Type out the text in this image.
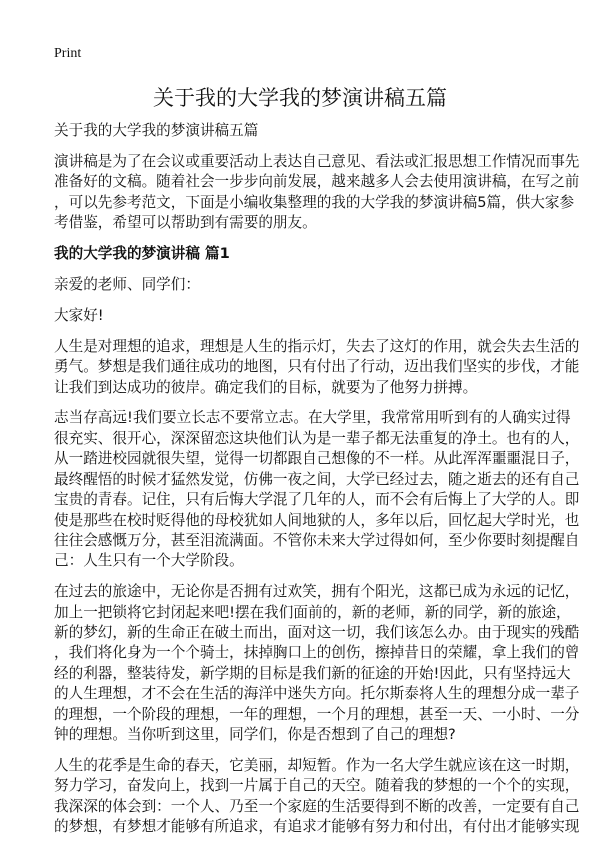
Print
关于我的大学我的梦演讲稿五篇

关于我的大学我的梦演讲稿五篇

演讲稿是为了在会议或重要活动上表达自己意见、看法或汇报思想工作情况而事先
准备好的文稿。随着社会一步步向前发展，越来越多人会去使用演讲稿，在写之前
，可以先参考范文，下面是小编收集整理的我的大学我的梦演讲稿5篇，供大家参
考借鉴，希望可以帮助到有需要的朋友。

我的大学我的梦演讲稿 篇1

亲爱的老师、同学们：

大家好!

人生是对理想的追求，理想是人生的指示灯，失去了这灯的作用，就会失去生活的
勇气。梦想是我们通往成功的地图，只有付出了行动，迈出我们坚实的步伐，才能
让我们到达成功的彼岸。确定我们的目标，就要为了他努力拼搏。

志当存高远!我们要立长志不要常立志。在大学里，我常常用听到有的人确实过得
很充实、很开心，深深留恋这块他们认为是一辈子都无法重复的净土。也有的人，
从一踏进校园就很失望，觉得一切都跟自己想像的不一样。从此浑浑噩噩混日子，
最终醒悟的时候才猛然发觉，仿佛一夜之间，大学已经过去，随之逝去的还有自己
宝贵的青春。记住，只有后悔大学混了几年的人，而不会有后悔上了大学的人。即
使是那些在校时贬得他的母校犹如人间地狱的人，多年以后，回忆起大学时光，也
往往会感慨万分，甚至泪流满面。不管你未来大学过得如何，至少你要时刻提醒自
己：人生只有一个大学阶段。

在过去的旅途中，无论你是否拥有过欢笑，拥有个阳光，这都已成为永远的记忆，
加上一把锁将它封闭起来吧!摆在我们面前的，新的老师，新的同学，新的旅途，
新的梦幻，新的生命正在破土而出，面对这一切，我们该怎么办。由于现实的残酷
，我们将化身为一个个骑士，抹掉胸口上的创伤，擦掉昔日的荣耀，拿上我们的曾
经的利器，整装待发，新学期的目标是我们新的征途的开始!因此，只有坚持远大
的人生理想，才不会在生活的海洋中迷失方向。托尔斯泰将人生的理想分成一辈子
的理想，一个阶段的理想，一年的理想，一个月的理想，甚至一天、一小时、一分
钟的理想。当你听到这里，同学们，你是否想到了自己的理想?

人生的花季是生命的春天，它美丽，却短暂。作为一名大学生就应该在这一时期，
努力学习，奋发向上，找到一片属于自己的天空。随着我的梦想的一个个的实现，
我深深的体会到：一个人、乃至一个家庭的生活要得到不断的改善，一定要有自己
的梦想，有梦想才能够有所追求，有追求才能够有努力和付出，有付出才能够实现
